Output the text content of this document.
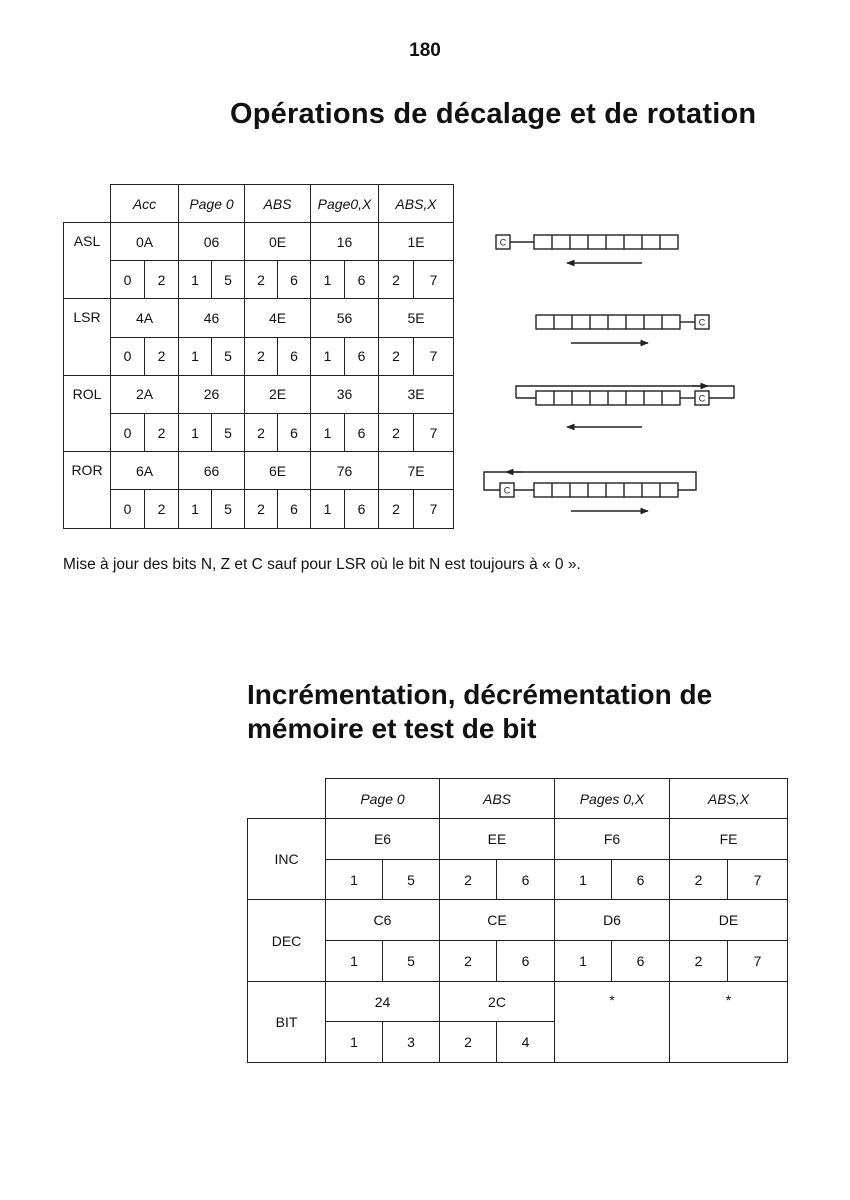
180
Opérations de décalage et de rotation
	Acc		Page 0		ABS		Page0,X		ABS,X	
ASL	0A		06		0E		16		1E	
	0	2	1	5	2	6	1	6	2	7
LSR	4A		46		4E		56		5E	
	0	2	1	5	2	6	1	6	2	7
ROL	2A		26		2E		36		3E	
	0	2	1	5	2	6	1	6	2	7
ROR	6A		66		6E		76		7E	
	0	2	1	5	2	6	1	6	2	7
C
C
C
C
Mise à jour des bits N, Z et C sauf pour LSR où le bit N est toujours à « 0 ».
Incrémentation, décrémentation de
mémoire et test de bit
	Page 0		ABS		Pages 0,X		ABS,X	
INC	E6		EE		F6		FE	
	1	5	2	6	1	6	2	7
DEC	C6		CE		D6		DE	
	1	5	2	6	1	6	2	7
BIT	24		2C		*		*	
	1	3	2	4				
